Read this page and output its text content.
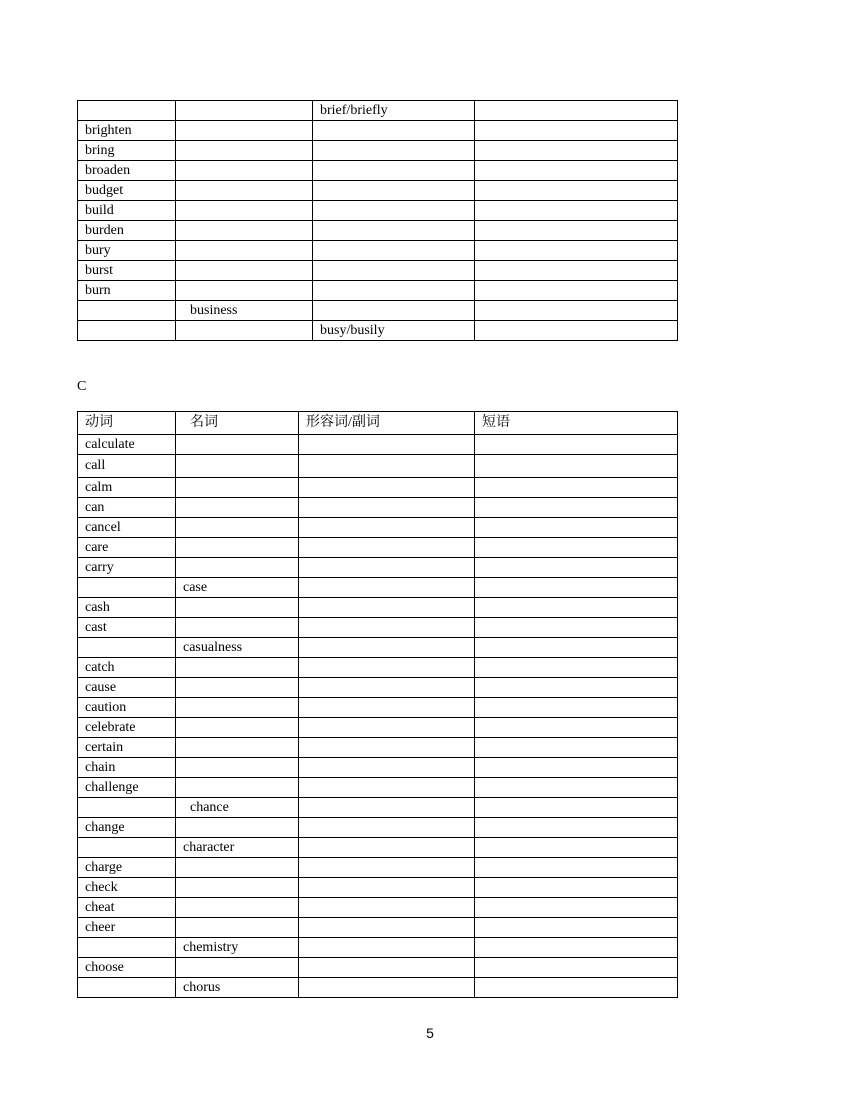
		brief/briefly	
brighten			
bring			
broaden			
budget			
build			
burden			
bury			
burst			
burn			
	business		
		busy/busily	
C
动词	名词	形容词/副词	短语
calculate			
call			
calm			
can			
cancel			
care			
carry			
	case		
cash			
cast			
	casualness		
catch			
cause			
caution			
celebrate			
certain			
chain			
challenge			
	chance		
change			
	character		
charge			
check			
cheat			
cheer			
	chemistry		
choose			
	chorus		
5
